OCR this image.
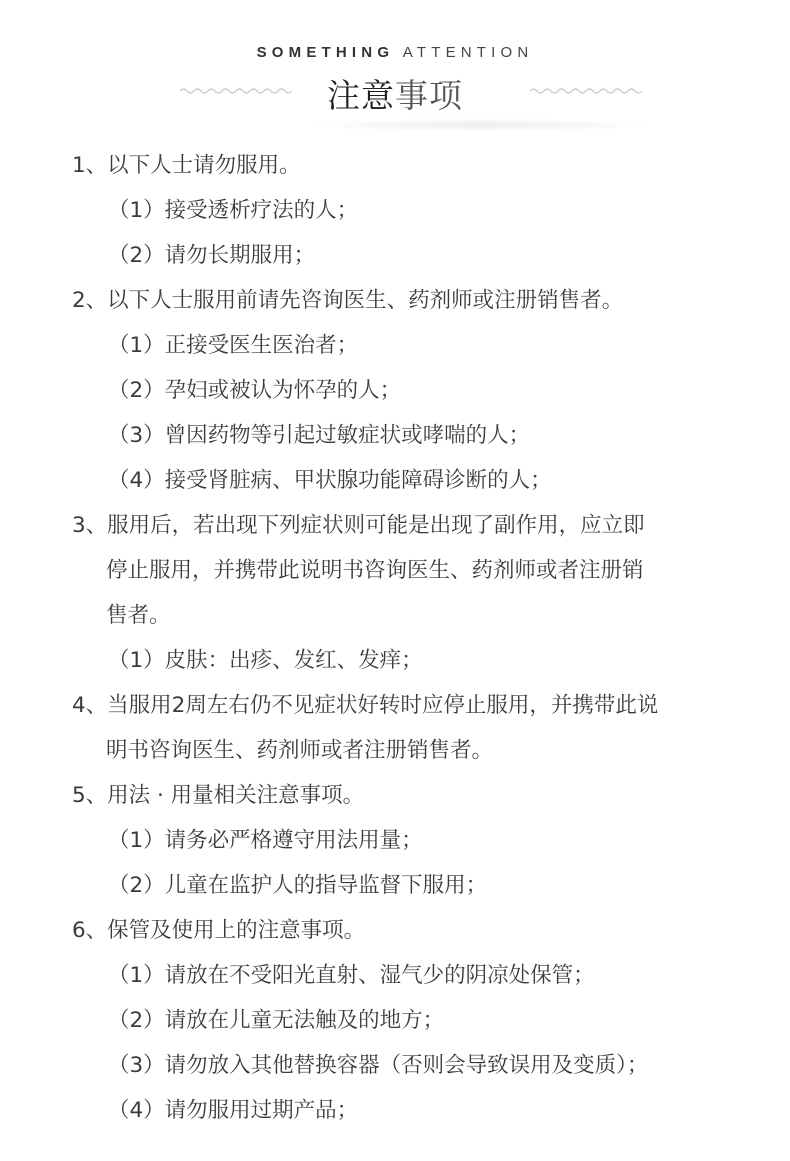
SOMETHING ATTENTION
注意事项
1、以下人士请勿服用。
（1）接受透析疗法的人；
（2）请勿长期服用；
2、以下人士服用前请先咨询医生、药剂师或注册销售者。
（1）正接受医生医治者；
（2）孕妇或被认为怀孕的人；
（3）曾因药物等引起过敏症状或哮喘的人；
（4）接受肾脏病、甲状腺功能障碍诊断的人；
3、服用后，若出现下列症状则可能是出现了副作用，应立即
停止服用，并携带此说明书咨询医生、药剂师或者注册销
售者。
（1）皮肤：出疹、发红、发痒；
4、当服用2周左右仍不见症状好转时应停止服用，并携带此说
明书咨询医生、药剂师或者注册销售者。
5、用法 · 用量相关注意事项。
（1）请务必严格遵守用法用量；
（2）儿童在监护人的指导监督下服用；
6、保管及使用上的注意事项。
（1）请放在不受阳光直射、湿气少的阴凉处保管；
（2）请放在儿童无法触及的地方；
（3）请勿放入其他替换容器（否则会导致误用及变质）；
（4）请勿服用过期产品；
